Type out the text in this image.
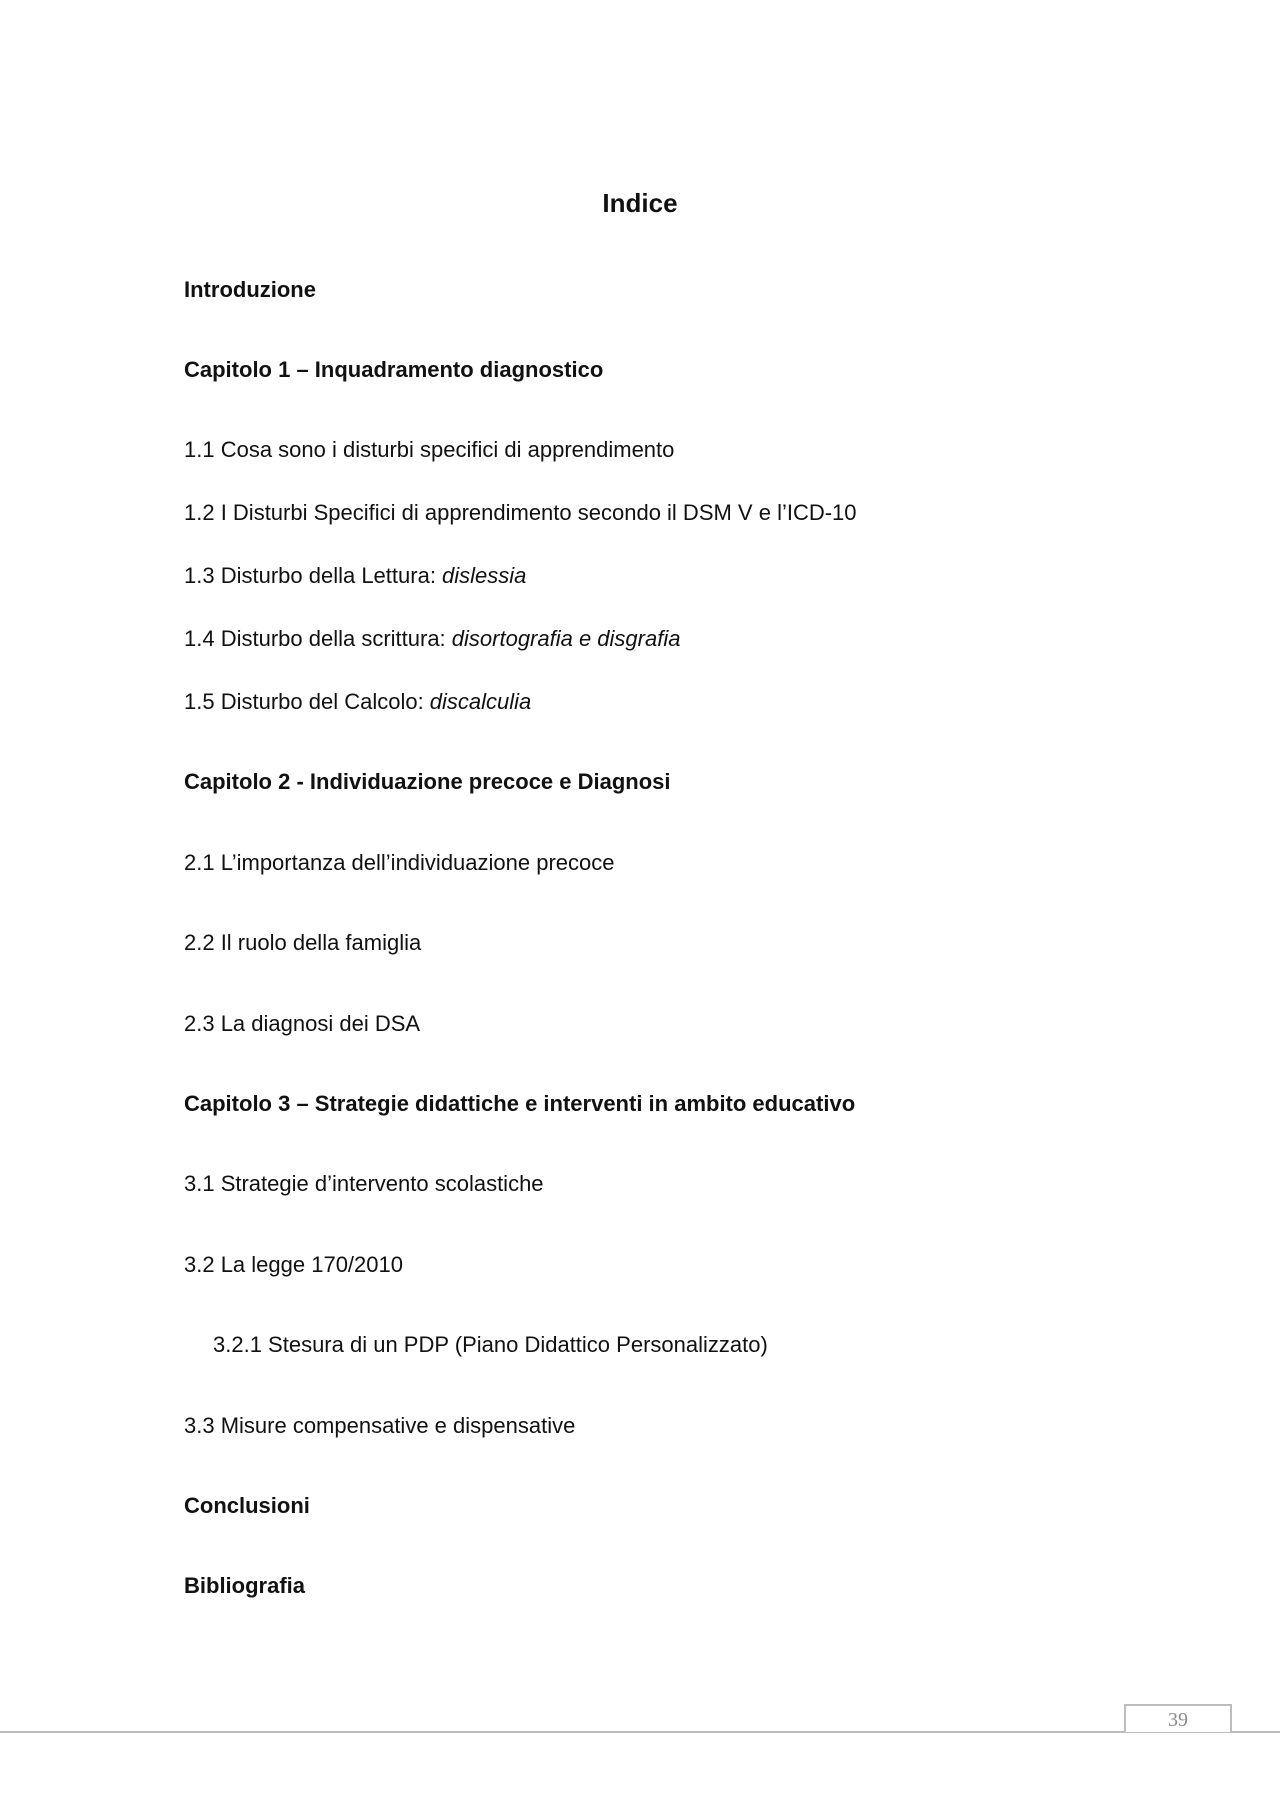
Indice
Introduzione
Capitolo 1 – Inquadramento diagnostico
1.1 Cosa sono i disturbi specifici di apprendimento
1.2 I Disturbi Specifici di apprendimento secondo il DSM V e l’ICD-10
1.3 Disturbo della Lettura: dislessia
1.4 Disturbo della scrittura: disortografia e disgrafia
1.5 Disturbo del Calcolo: discalculia
Capitolo 2 - Individuazione precoce e Diagnosi
2.1 L’importanza dell’individuazione precoce
2.2 Il ruolo della famiglia
2.3 La diagnosi dei DSA
Capitolo 3 – Strategie didattiche e interventi in ambito educativo
3.1 Strategie d’intervento scolastiche
3.2 La legge 170/2010
3.2.1 Stesura di un PDP (Piano Didattico Personalizzato)
3.3 Misure compensative e dispensative
Conclusioni
Bibliografia
39
